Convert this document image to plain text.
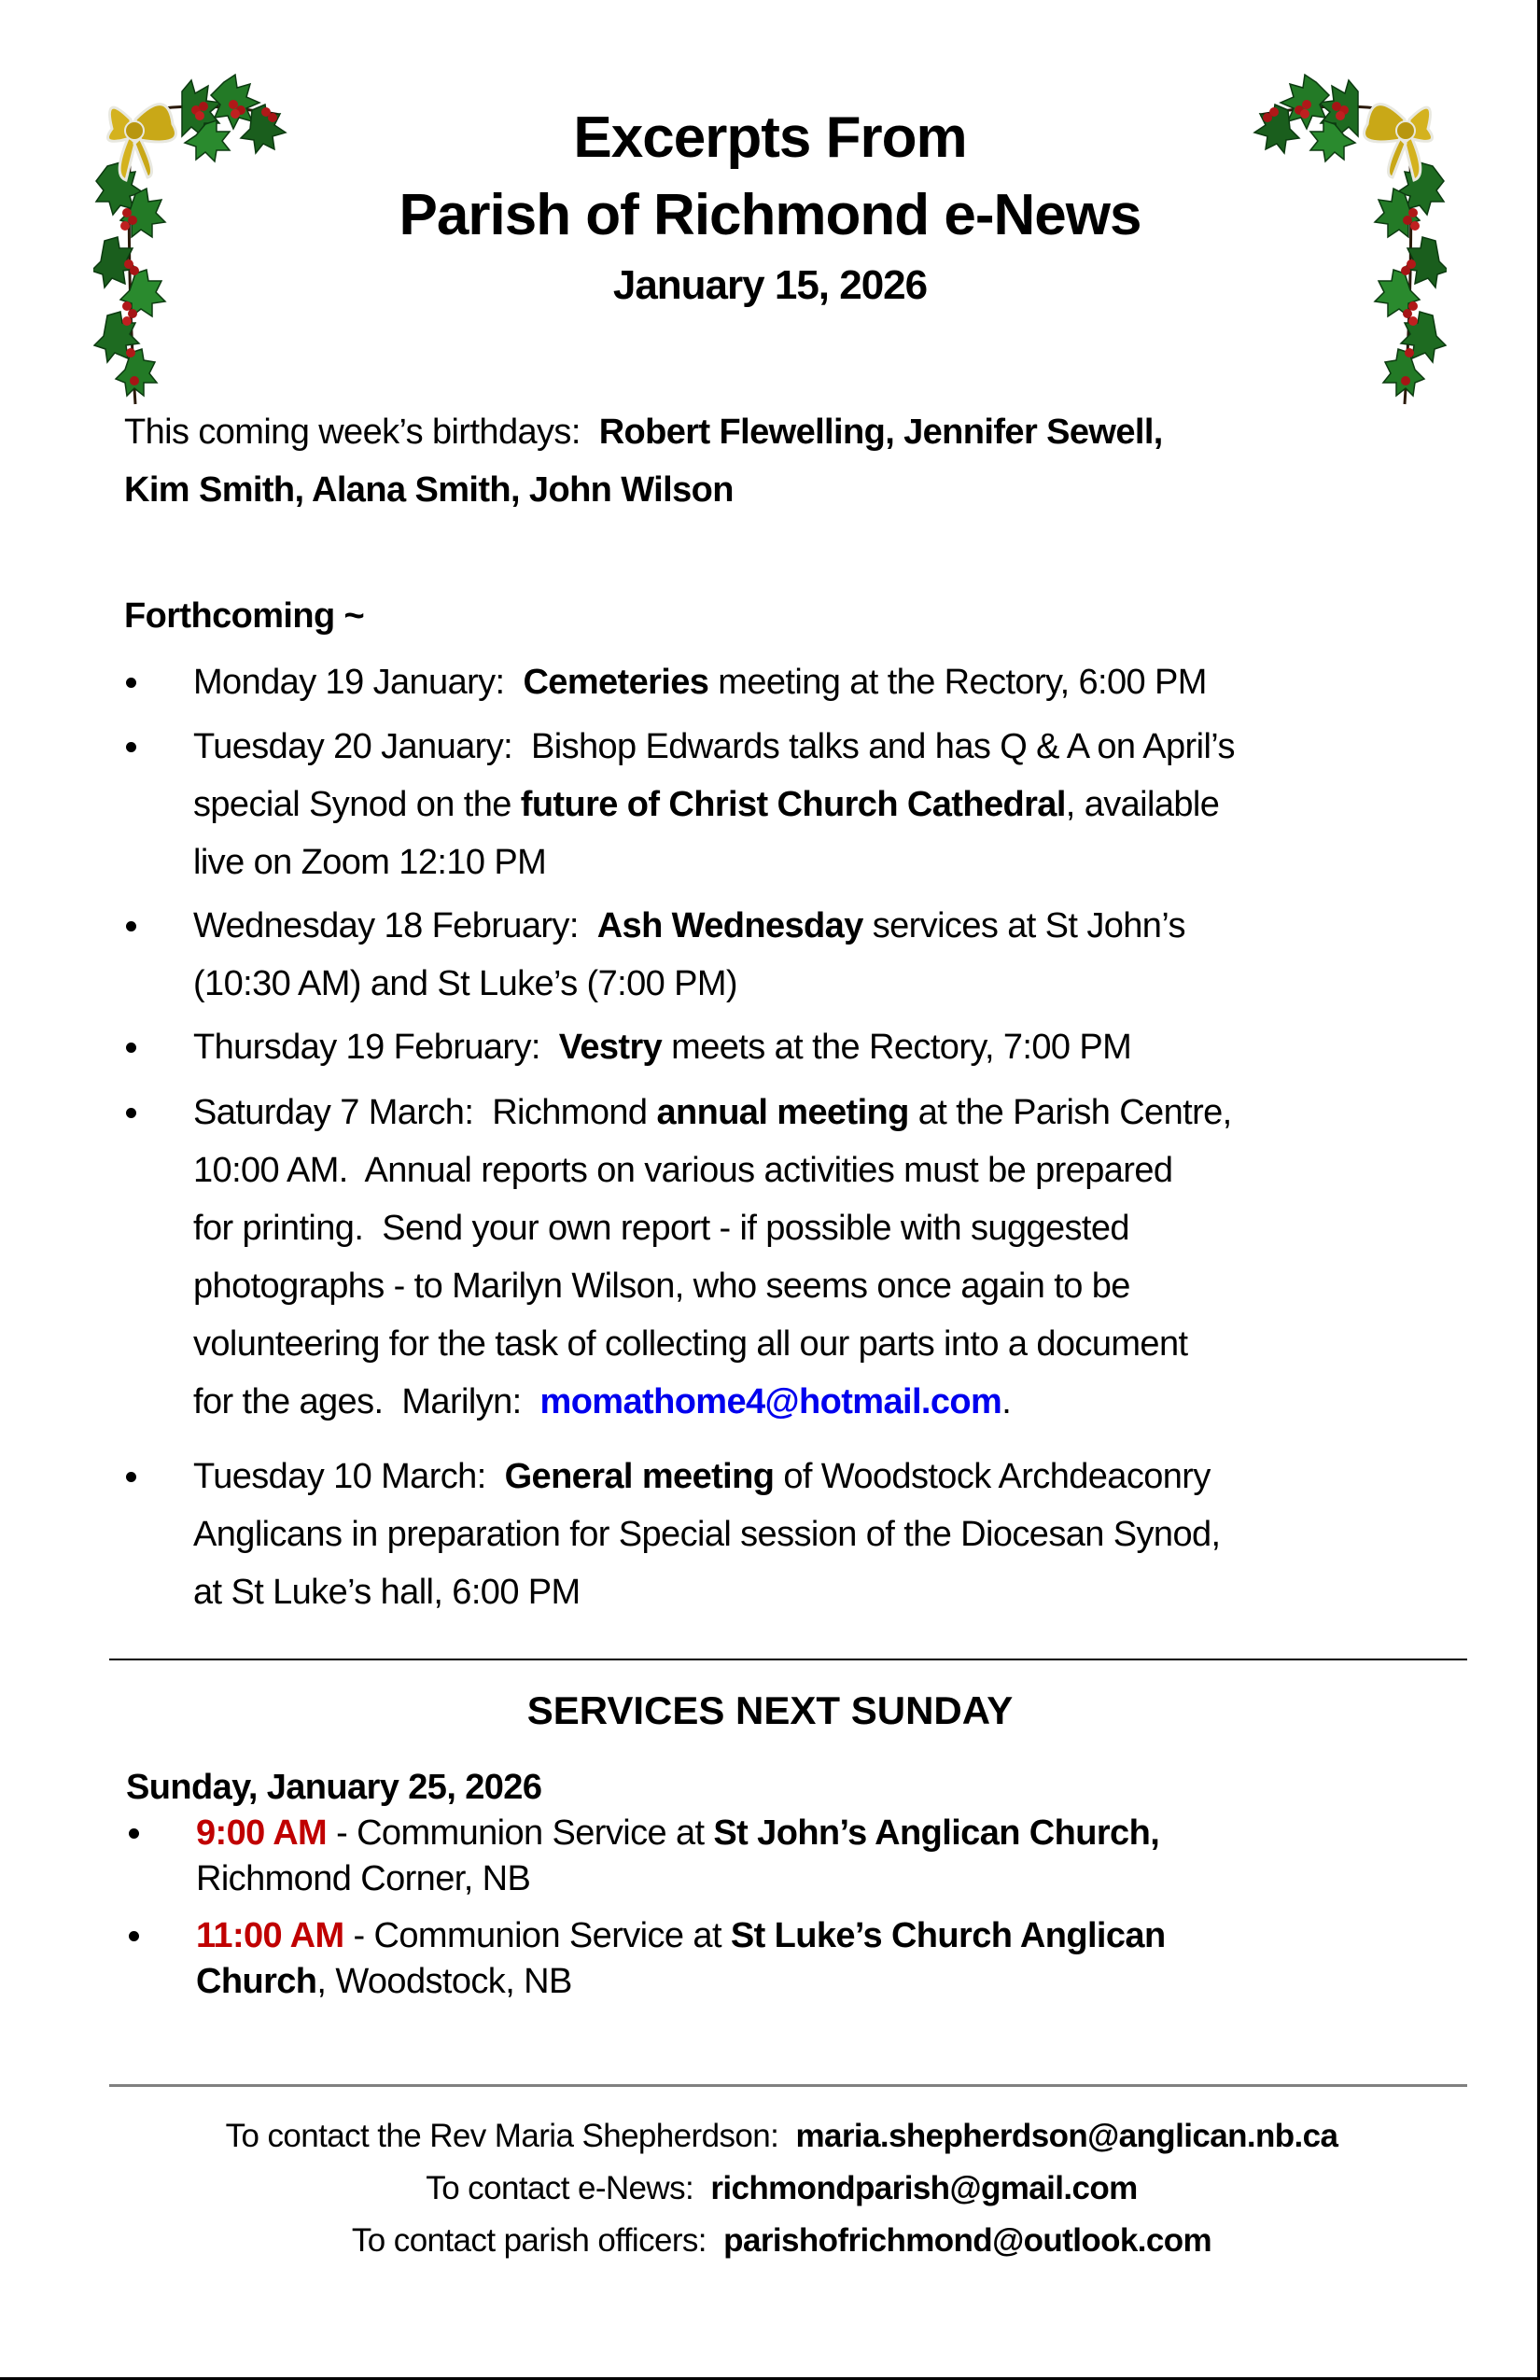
Excerpts From
Parish of Richmond e-News
January 15, 2026
This coming week’s birthdays: Robert Flewelling, Jennifer Sewell,
Kim Smith, Alana Smith, John Wilson
Forthcoming ~
Monday 19 January:  Cemeteries meeting at the Rectory, 6:00 PM
Tuesday 20 January:  Bishop Edwards talks and has Q & A on April’s
special Synod on the future of Christ Church Cathedral, available
live on Zoom 12:10 PM
Wednesday 18 February:  Ash Wednesday services at St John’s
(10:30 AM) and St Luke’s (7:00 PM)
Thursday 19 February:  Vestry meets at the Rectory, 7:00 PM
Saturday 7 March:  Richmond annual meeting at the Parish Centre,
10:00 AM.  Annual reports on various activities must be prepared
for printing.  Send your own report - if possible with suggested
photographs - to Marilyn Wilson, who seems once again to be
volunteering for the task of collecting all our parts into a document
for the ages.  Marilyn:  momathome4@hotmail.com.
Tuesday 10 March:  General meeting of Woodstock Archdeaconry
Anglicans in preparation for Special session of the Diocesan Synod,
at St Luke’s hall, 6:00 PM
SERVICES NEXT SUNDAY
Sunday, January 25, 2026
9:00 AM - Communion Service at St John’s Anglican Church,
Richmond Corner, NB
11:00 AM - Communion Service at St Luke’s Church Anglican
Church, Woodstock, NB
To contact the Rev Maria Shepherdson:  maria.shepherdson@anglican.nb.ca
To contact e-News:  richmondparish@gmail.com
To contact parish officers:  parishofrichmond@outlook.com
